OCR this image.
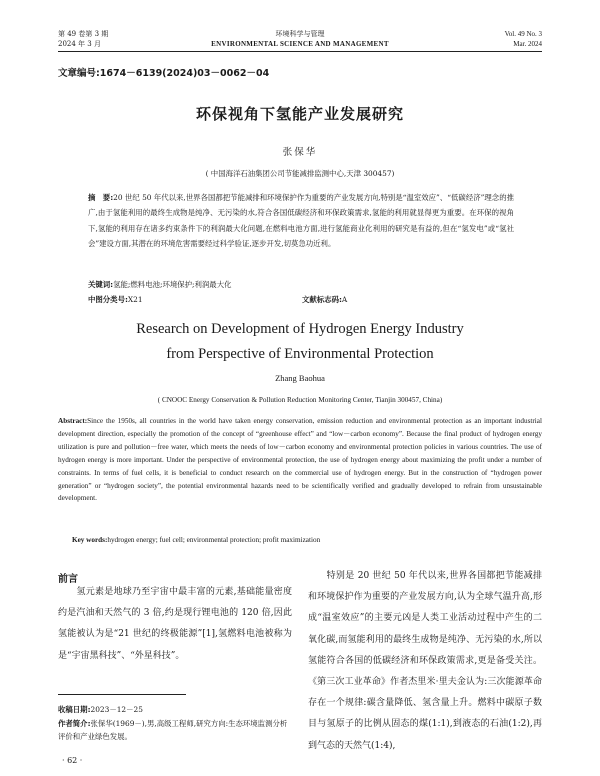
第 49 卷第 3 期
2024 年 3 月
环境科学与管理
ENVIRONMENTAL SCIENCE AND MANAGEMENT
Vol. 49 No. 3
Mar. 2024
文章编号:1674－6139(2024)03－0062－04
环保视角下氢能产业发展研究
张保华
( 中国海洋石油集团公司节能减排监测中心,天津 300457)
摘　要:20 世纪 50 年代以来,世界各国都把节能减排和环境保护作为重要的产业发展方向,特别是“温室效应”、“低碳经济”理念的推广,由于氢能利用的最终生成物是纯净、无污染的水,符合各国低碳经济和环保政策需求,氢能的利用就显得更为重要。在环保的视角下,氢能的利用存在诸多约束条件下的利润最大化问题,在燃料电池方面,进行氢能商业化利用的研究是有益的,但在“氢发电”或“氢社会”建设方面,其潜在的环境危害需要经过科学验证,逐步开发,切莫急功近利。
关键词:氢能;燃料电池;环境保护;利润最大化
中图分类号:X21	文献标志码:A
Research on Development of Hydrogen Energy Industry
from Perspective of Environmental Protection
Zhang Baohua
( CNOOC Energy Conservation & Pollution Reduction Monitoring Center, Tianjin 300457, China)
Abstract:Since the 1950s, all countries in the world have taken energy conservation, emission reduction and environmental protection as an important industrial development direction, especially the promotion of the concept of “greenhouse effect” and “low－carbon economy”. Because the final product of hydrogen energy utilization is pure and pollution－free water, which meets the needs of low－carbon economy and environmental protection policies in various countries. The use of hydrogen energy is more important. Under the perspective of environmental protection, the use of hydrogen energy about maximizing the profit under a number of constraints. In terms of fuel cells, it is beneficial to conduct research on the commercial use of hydrogen energy. But in the construction of “hydrogen power generation” or “hydrogen society”, the potential environmental hazards need to be scientifically verified and gradually developed to refrain from unsustainable development.
Key words:hydrogen energy; fuel cell; environmental protection; profit maximization
前言
　　氢元素是地球乃至宇宙中最丰富的元素,基础能量密度约是汽油和天然气的 3 倍,约是现行锂电池的 120 倍,因此氢能被认为是“21 世纪的终极能源”[1],氢燃料电池被称为是“宇宙黑科技”、“外星科技”。
收稿日期:2023－12－25
作者简介:张保华(1969－),男,高级工程师,研究方向:生态环境监测分析评价和产业绿色发展。
· 62 ·
　　特别是 20 世纪 50 年代以来,世界各国都把节能减排和环境保护作为重要的产业发展方向,认为全球气温升高,形成“温室效应”的主要元凶是人类工业活动过程中产生的二氧化碳,而氢能利用的最终生成物是纯净、无污染的水,所以氢能符合各国的低碳经济和环保政策需求,更是备受关注。《第三次工业革命》作者杰里米·里夫金认为:三次能源革命存在一个规律:碳含量降低、氢含量上升。燃料中碳原子数目与氢原子的比例从固态的煤(1:1),到液态的石油(1:2),再到气态的天然气(1:4),
